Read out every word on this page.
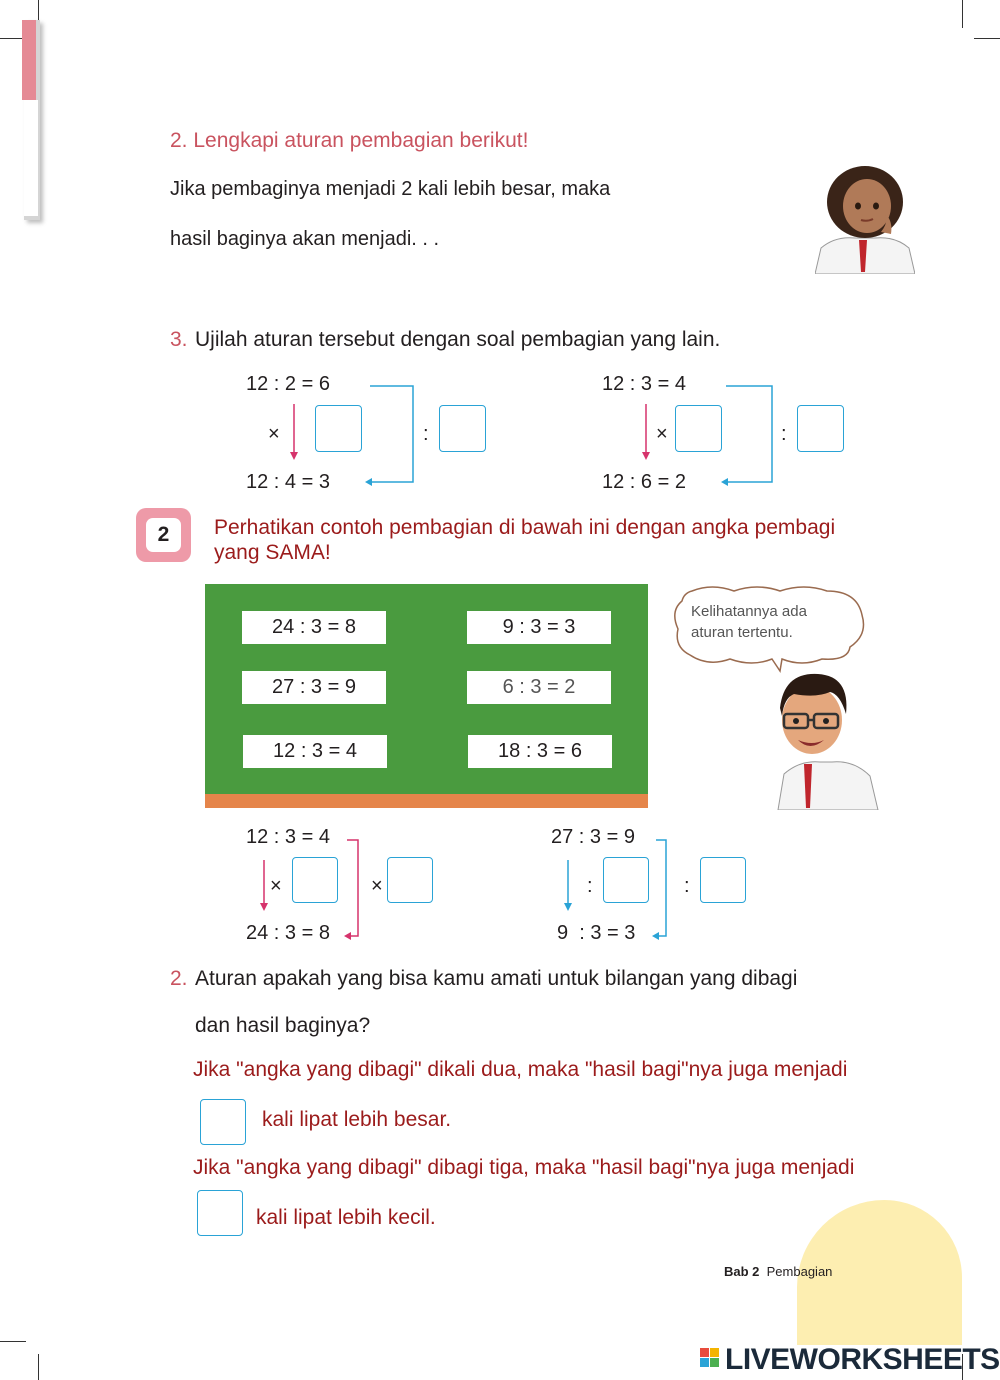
2. Lengkapi aturan pembagian berikut!
Jika pembaginya menjadi 2 kali lebih besar, maka
hasil baginya akan menjadi. . .
3. Ujilah aturan tersebut dengan soal pembagian yang lain.
12 : 2 = 6
12 : 4 = 3
×	:
12 : 3 = 4
12 : 6 = 2
×	:
2	Perhatikan contoh pembagian di bawah ini dengan angka pembagi
yang SAMA!
24 : 3 = 8	9 : 3 = 3
27 : 3 = 9	6 : 3 = 2
12 : 3 = 4	18 : 3 = 6
Kelihatannya ada
aturan tertentu.
12 : 3 = 4
24 : 3 = 8
×	×
27 : 3 = 9
9  : 3 = 3
:	:
2. Aturan apakah yang bisa kamu amati untuk bilangan yang dibagi
dan hasil baginya?
Jika "angka yang dibagi" dikali dua, maka "hasil bagi"nya juga menjadi
kali lipat lebih besar.
Jika "angka yang dibagi" dibagi tiga, maka "hasil bagi"nya juga menjadi
kali lipat lebih kecil.
Bab 2 Pembagian
LIVEWORKSHEETS
